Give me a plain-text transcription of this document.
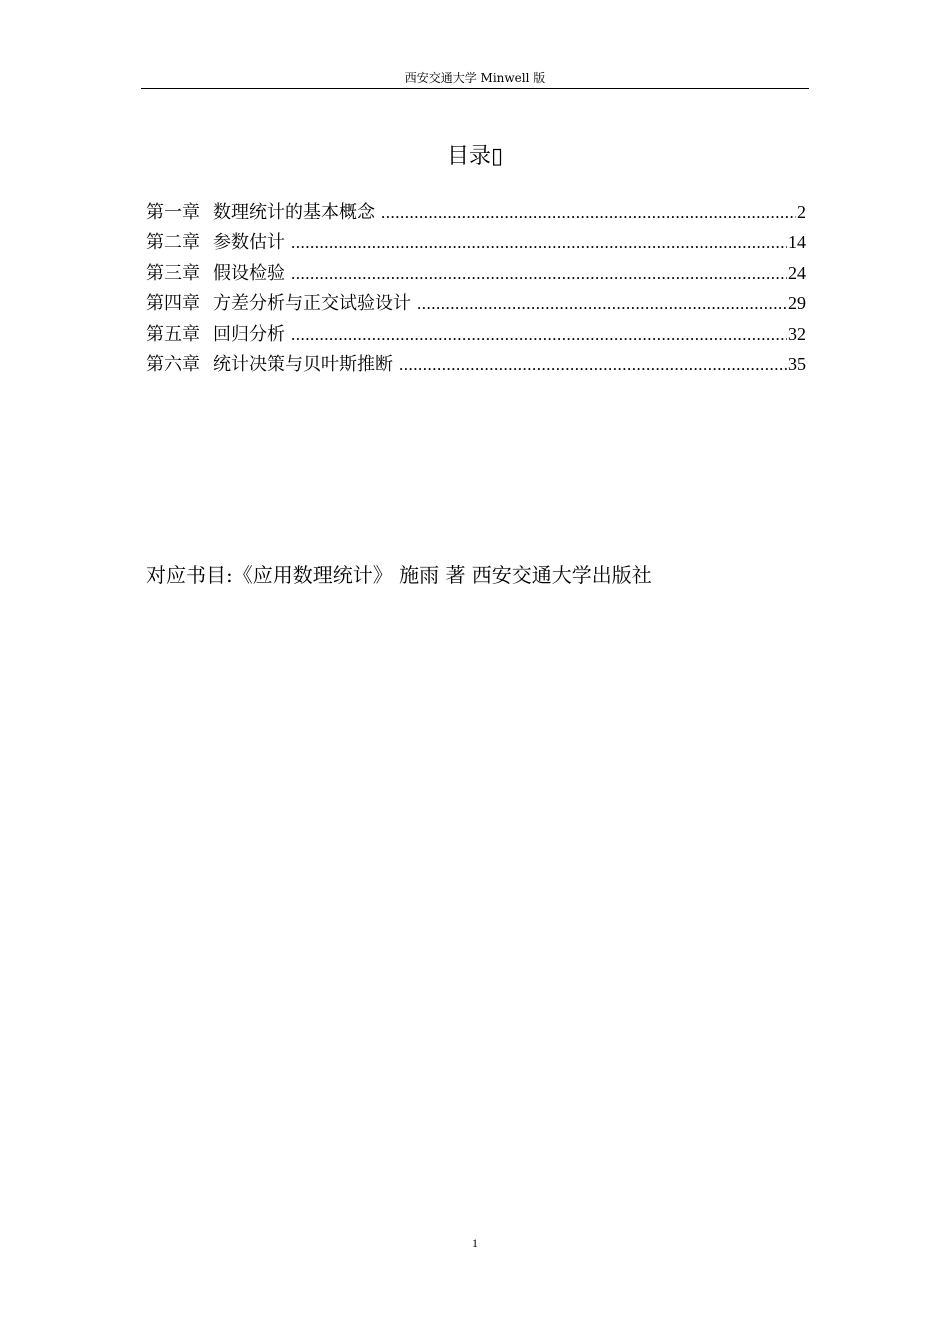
西安交通大学 Minwell 版
目录▯
第一章 数理统计的基本概念 .....	2
第二章 参数估计 .....	14
第三章 假设检验 .....	24
第四章 方差分析与正交试验设计 .....	29
第五章 回归分析 .....	32
第六章 统计决策与贝叶斯推断 .....	35
对应书目:《应用数理统计》 施雨 著 西安交通大学出版社
1
